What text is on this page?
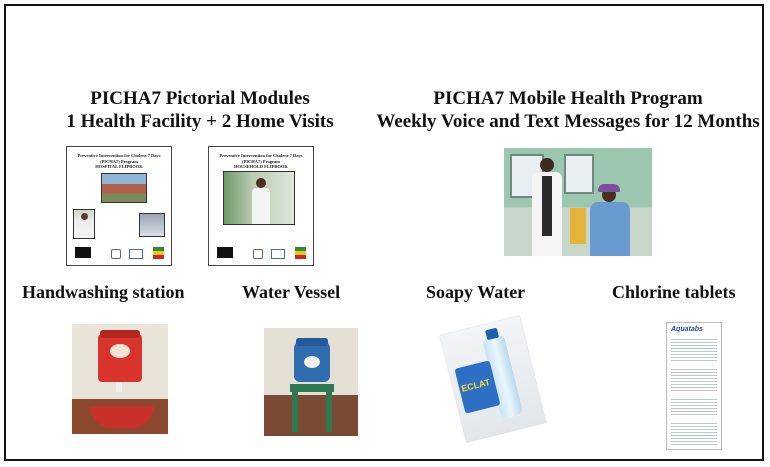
PICHA7 Pictorial Modules
1 Health Facility + 2 Home Visits
PICHA7 Mobile Health Program
Weekly Voice and Text Messages for 12 Months
Preventive Intervention for Cholera 7 Days (PICHA7) Program
HOSPITAL FLIPBOOK
Preventive Intervention for Cholera 7 Days (PICHA7) Program
HOUSEHOLD FLIPBOOK
Handwashing station	Water Vessel	Soapy Water	Chlorine tablets
ECLAT
Aquatabs
